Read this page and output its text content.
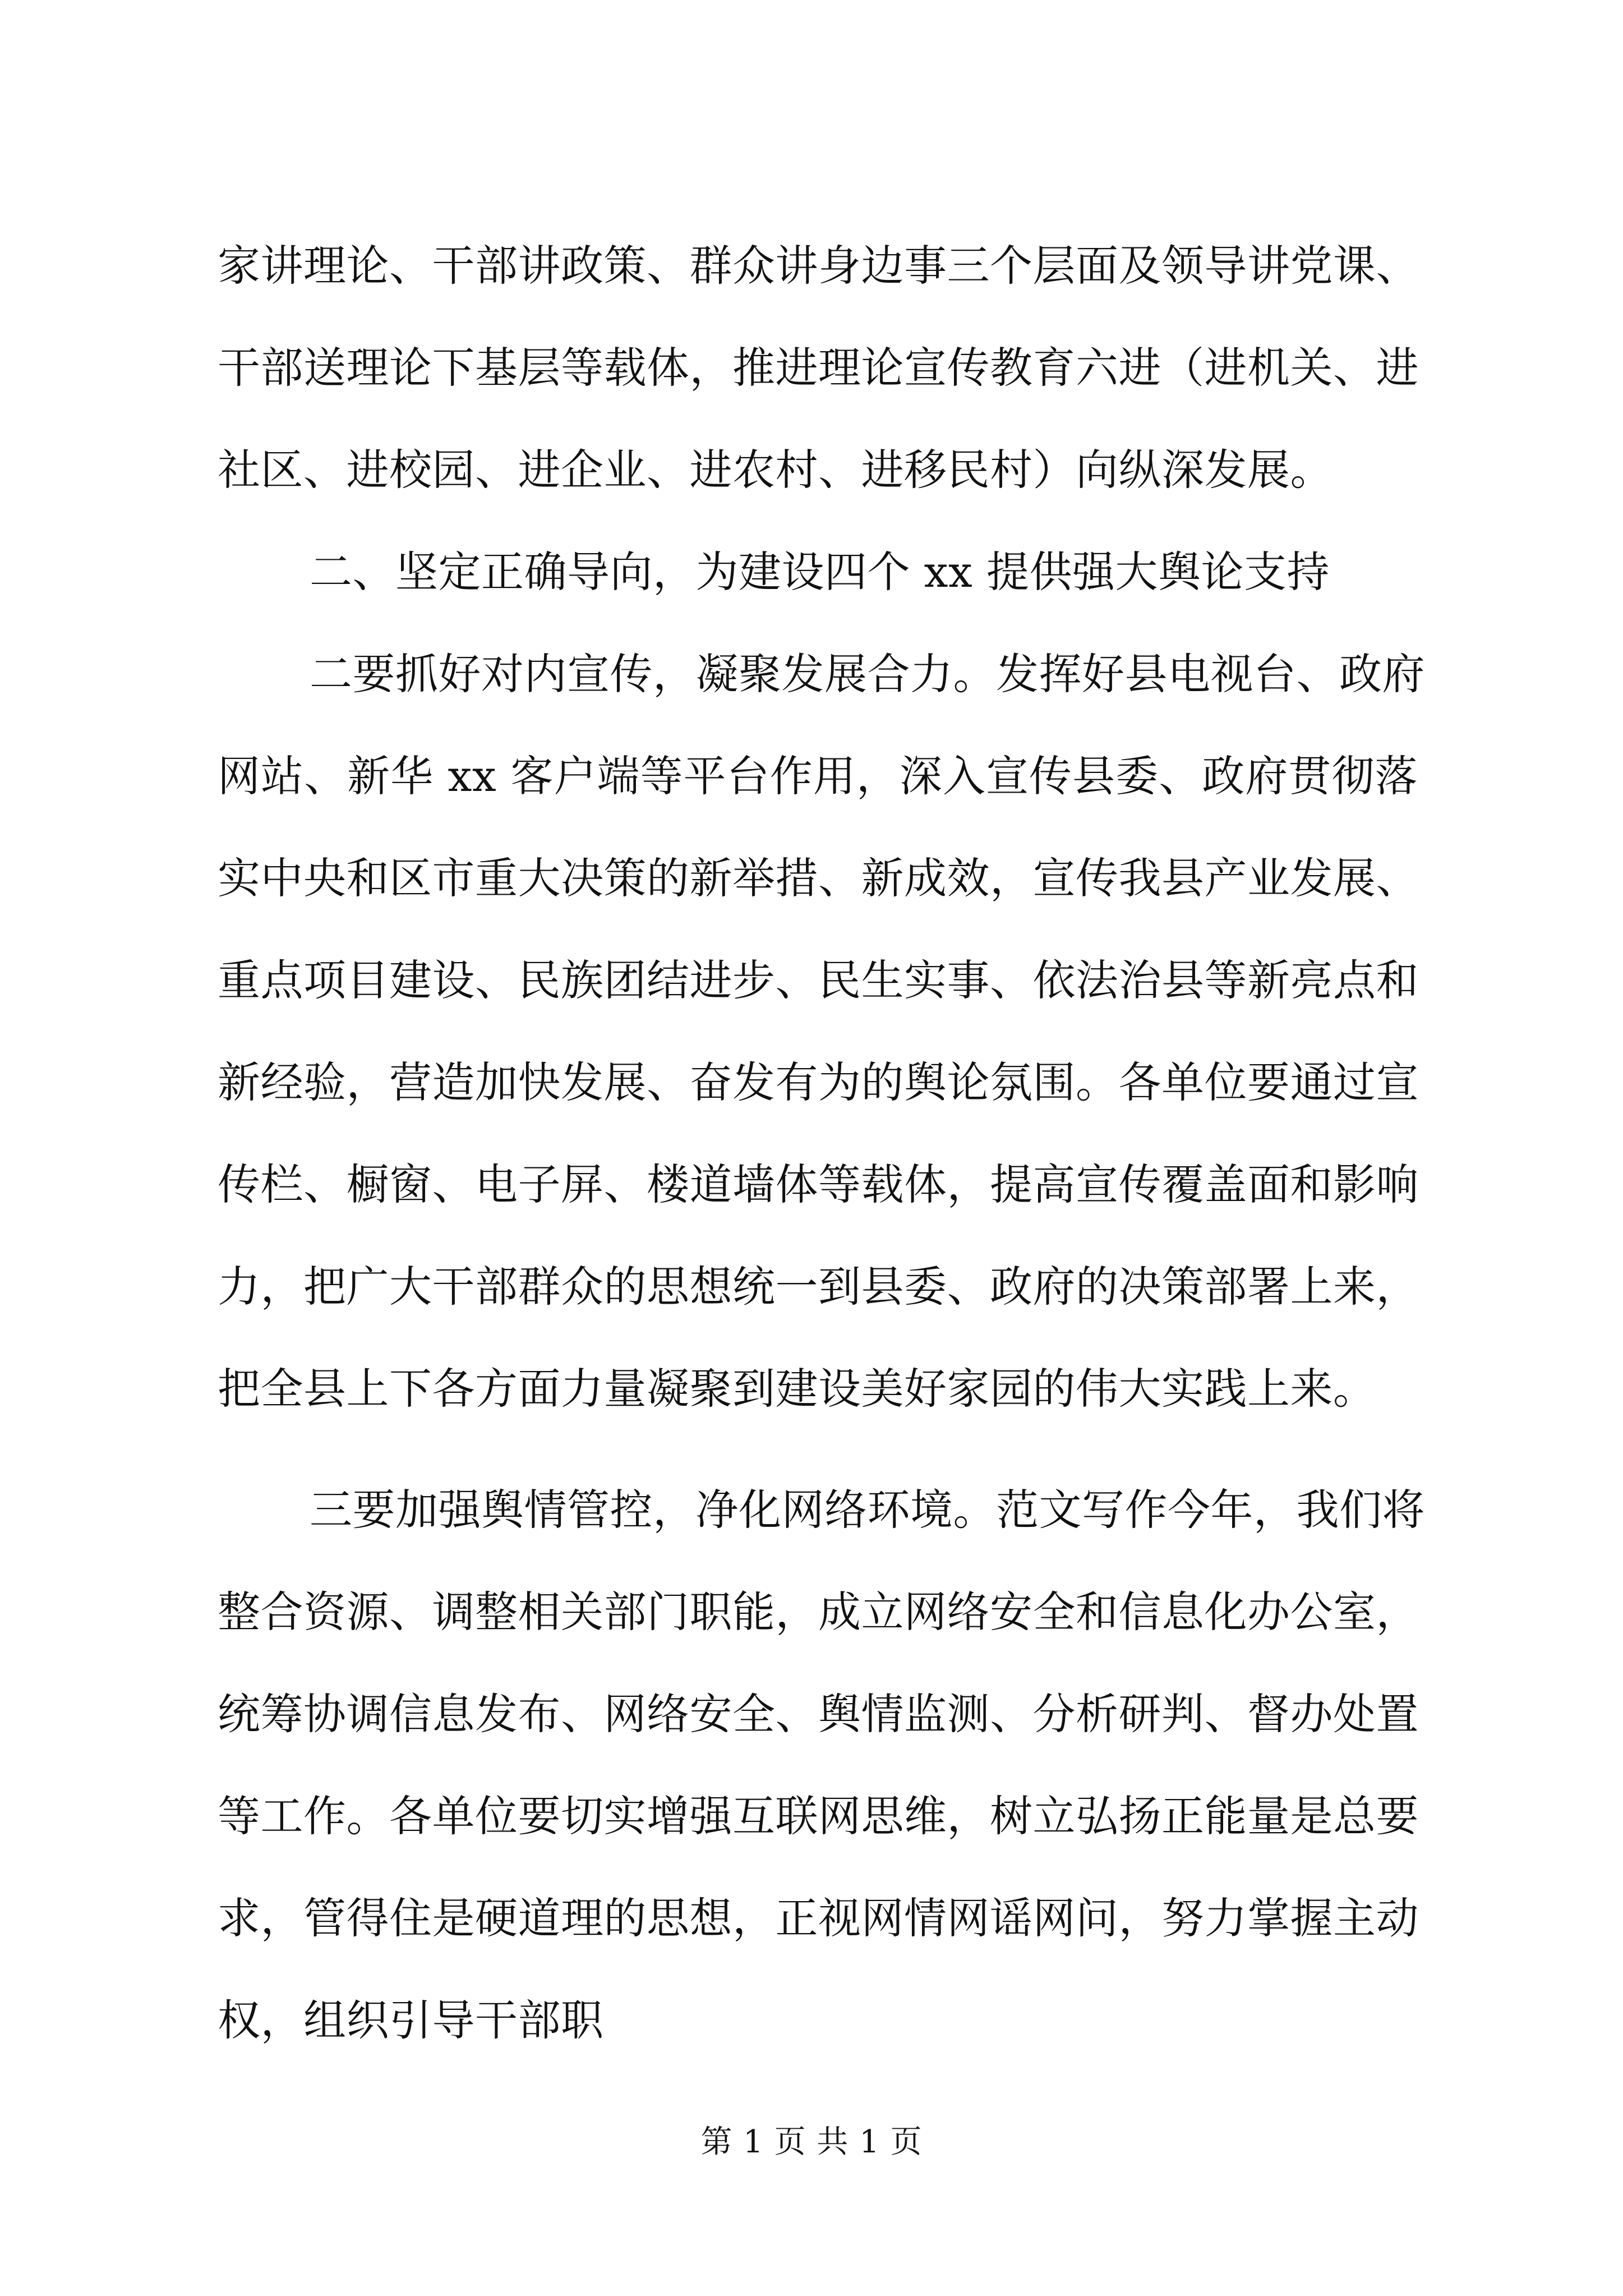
家讲理论、干部讲政策、群众讲身边事三个层面及领导讲党课、
干部送理论下基层等载体，推进理论宣传教育六进（进机关、进
社区、进校园、进企业、进农村、进移民村）向纵深发展。
二、坚定正确导向，为建设四个 xx 提供强大舆论支持
二要抓好对内宣传，凝聚发展合力。发挥好县电视台、政府
网站、新华 xx 客户端等平台作用，深入宣传县委、政府贯彻落
实中央和区市重大决策的新举措、新成效，宣传我县产业发展、
重点项目建设、民族团结进步、民生实事、依法治县等新亮点和
新经验，营造加快发展、奋发有为的舆论氛围。各单位要通过宣
传栏、橱窗、电子屏、楼道墙体等载体，提高宣传覆盖面和影响
力，把广大干部群众的思想统一到县委、政府的决策部署上来，
把全县上下各方面力量凝聚到建设美好家园的伟大实践上来。
三要加强舆情管控，净化网络环境。范文写作今年，我们将
整合资源、调整相关部门职能，成立网络安全和信息化办公室，
统筹协调信息发布、网络安全、舆情监测、分析研判、督办处置
等工作。各单位要切实增强互联网思维，树立弘扬正能量是总要
求，管得住是硬道理的思想，正视网情网谣网问，努力掌握主动
权，组织引导干部职
第 1 页 共 1 页
